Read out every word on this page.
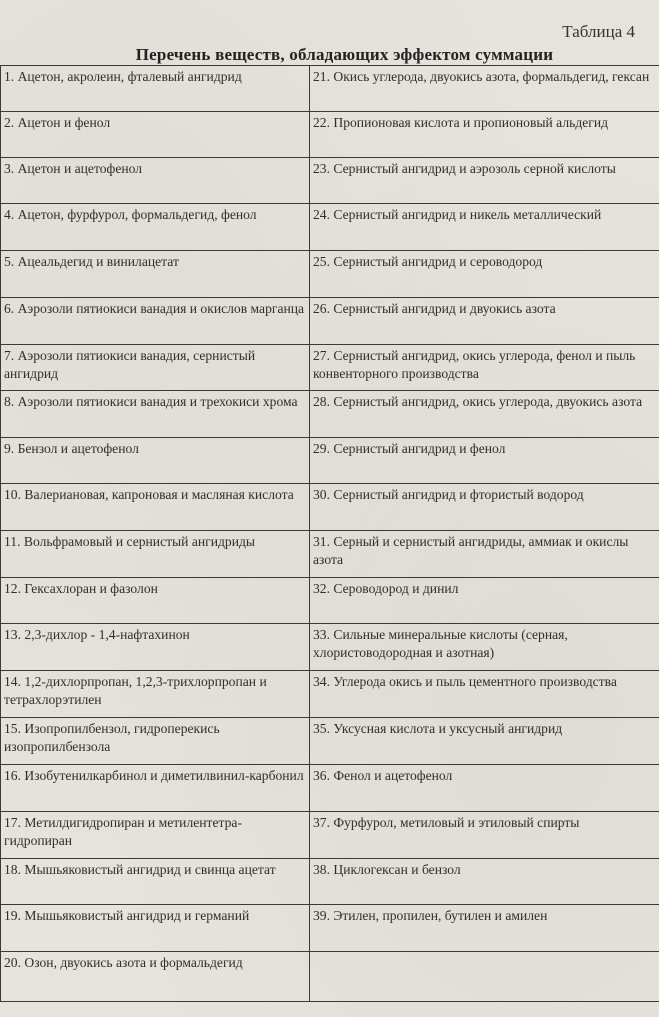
Таблица 4
Перечень веществ, обладающих эффектом суммации
1. Ацетон, акролеин, фталевый ангидрид	21. Окись углерода, двуокись азота, формальдегид, гексан
2. Ацетон и фенол	22. Пропионовая кислота и пропионовый альдегид
3. Ацетон и ацетофенол	23. Сернистый ангидрид и аэрозоль серной кислоты
4. Ацетон, фурфурол, формальдегид, фенол	24. Сернистый ангидрид и никель металлический
5. Ацеальдегид и винилацетат	25. Сернистый ангидрид и сероводород
6. Аэрозоли пятиокиси ванадия и окислов марганца	26. Сернистый ангидрид и двуокись азота
7. Аэрозоли пятиокиси ванадия, сернистый ангидрид	27. Сернистый ангидрид, окись углерода, фенол и пыль конвенторного производства
8. Аэрозоли пятиокиси ванадия и трехокиси хрома	28. Сернистый ангидрид, окись углерода, двуокись азота
9. Бензол и ацетофенол	29. Сернистый ангидрид и фенол
10. Валериановая, капроновая и масляная кислота	30. Сернистый ангидрид и фтористый водород
11. Вольфрамовый и сернистый ангидриды	31. Серный и сернистый ангидриды, аммиак и окислы азота
12. Гексахлоран и фазолон	32. Сероводород и динил
13. 2,3-дихлор - 1,4-нафтахинон	33. Сильные минеральные кислоты (серная, хлористоводородная и азотная)
14. 1,2-дихлорпропан, 1,2,3-трихлорпропан и тетрахлорэтилен	34. Углерода окись и пыль цементного производства
15. Изопропилбензол, гидроперекись изопропилбензола	35. Уксусная кислота и уксусный ангидрид
16. Изобутенилкарбинол и диметилвинил-карбонил	36. Фенол и ацетофенол
17. Метилдигидропиран и метилентетра-гидропиран	37. Фурфурол, метиловый и этиловый спирты
18. Мышьяковистый ангидрид и свинца ацетат	38. Циклогексан и бензол
19. Мышьяковистый ангидрид и германий	39. Этилен, пропилен, бутилен и амилен
20. Озон, двуокись азота и формальдегид	
